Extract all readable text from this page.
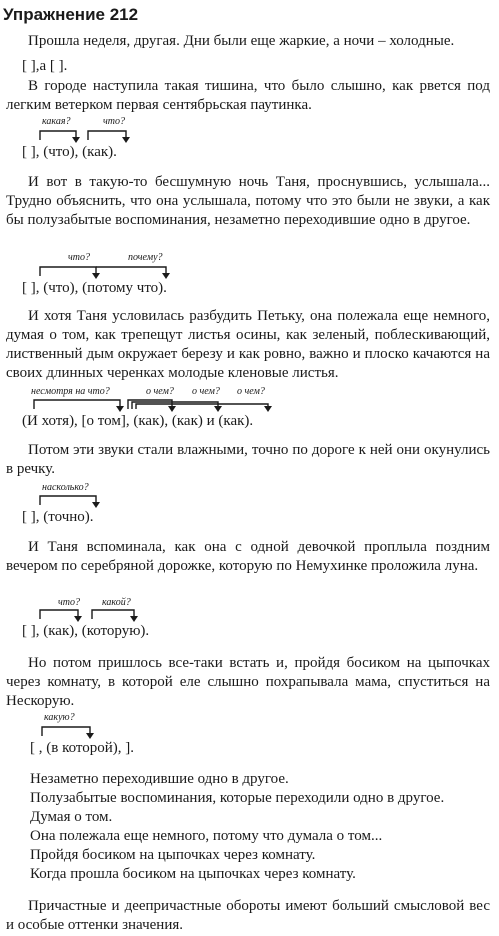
Упражнение 212
Прошла неделя, другая. Дни были еще жаркие, а ночи – холодные.
[ ],а [ ].
В городе наступила такая тишина, что было слышно, как рвется под легким ветерком первая сентябрьская паутинка.
какая?	что?
[ ], (что), (как).
И вот в такую-то бесшумную ночь Таня, проснувшись, услышала... Трудно объяснить, что она услышала, потому что это были не звуки, а как бы полузабытые воспоминания, незаметно переходившие одно в другое.
что?	почему?
[ ], (что), (потому что).
И хотя Таня условилась разбудить Петьку, она полежала еще немного, думая о том, как трепещут листья осины, как зеленый, поблескивающий, лиственный дым окружает березу и как ровно, важно и плоско качаются на своих длинных черенках молодые кленовые листья.
несмотря на что?	о чем? о чем? о чем?
(И хотя), [о том], (как), (как) и (как).
Потом эти звуки стали влажными, точно по дороге к ней они окунулись в речку.
насколько?
[ ], (точно).
И Таня вспоминала, как она с одной девочкой проплыла поздним вечером по серебряной дорожке, которую по Немухинке проложила луна.
что? какой?
[ ], (как), (которую).
Но потом пришлось все-таки встать и, пройдя босиком на цыпочках через комнату, в которой еле слышно похрапывала мама, спуститься на Нескорую.
какую?
[ , (в которой), ].
Незаметно переходившие одно в другое.
Полузабытые воспоминания, которые переходили одно в другое.
Думая о том.
Она полежала еще немного, потому что думала о том...
Пройдя босиком на цыпочках через комнату.
Когда прошла босиком на цыпочках через комнату.
Причастные и деепричастные обороты имеют больший смысловой вес и особые оттенки значения.
